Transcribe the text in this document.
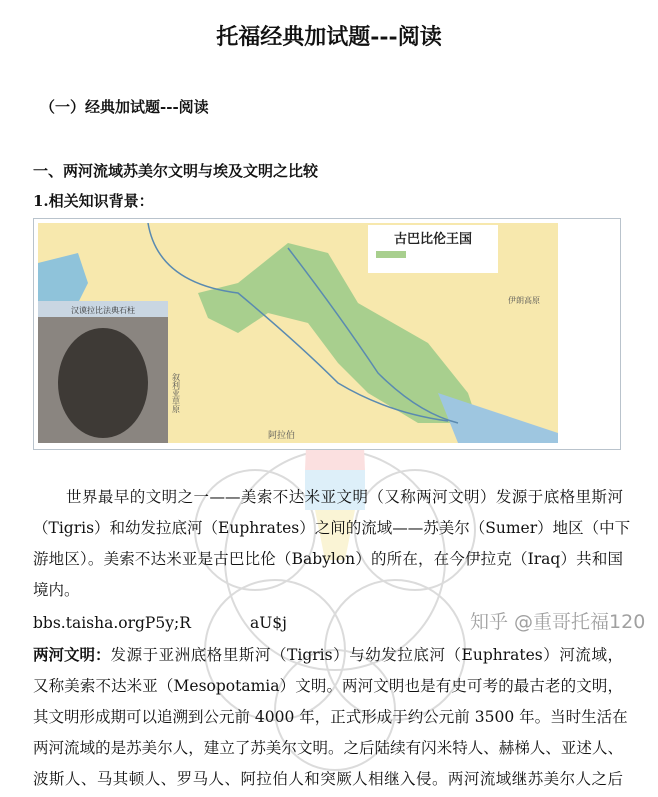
托福经典加试题---阅读
（一）经典加试题---阅读
一、两河流域苏美尔文明与埃及文明之比较
1.相关知识背景：
古巴比伦王国
汉谟拉比法典石柱
阿拉伯
叙利亚草原
伊朗高原
世界最早的文明之一——美索不达米亚文明（又称两河文明）发源于底格里斯河
（Tigris）和幼发拉底河（Euphrates）之间的流域——苏美尔（Sumer）地区（中下
游地区）。美索不达米亚是古巴比伦（Babylon）的所在，在今伊拉克（Iraq）共和国
境内。
bbs.taisha.orgP5y;R            aU$j
两河文明： 发源于亚洲底格里斯河（Tigris）与幼发拉底河（Euphrates）河流域，
又称美索不达米亚（Mesopotamia）文明。两河文明也是有史可考的最古老的文明，
其文明形成期可以追溯到公元前 4000 年，正式形成于约公元前 3500 年。当时生活在
两河流域的是苏美尔人，建立了苏美尔文明。之后陆续有闪米特人、赫梯人、亚述人、
波斯人、马其顿人、罗马人、阿拉伯人和突厥人相继入侵。两河流域继苏美尔人之后
知乎 @重哥托福120
